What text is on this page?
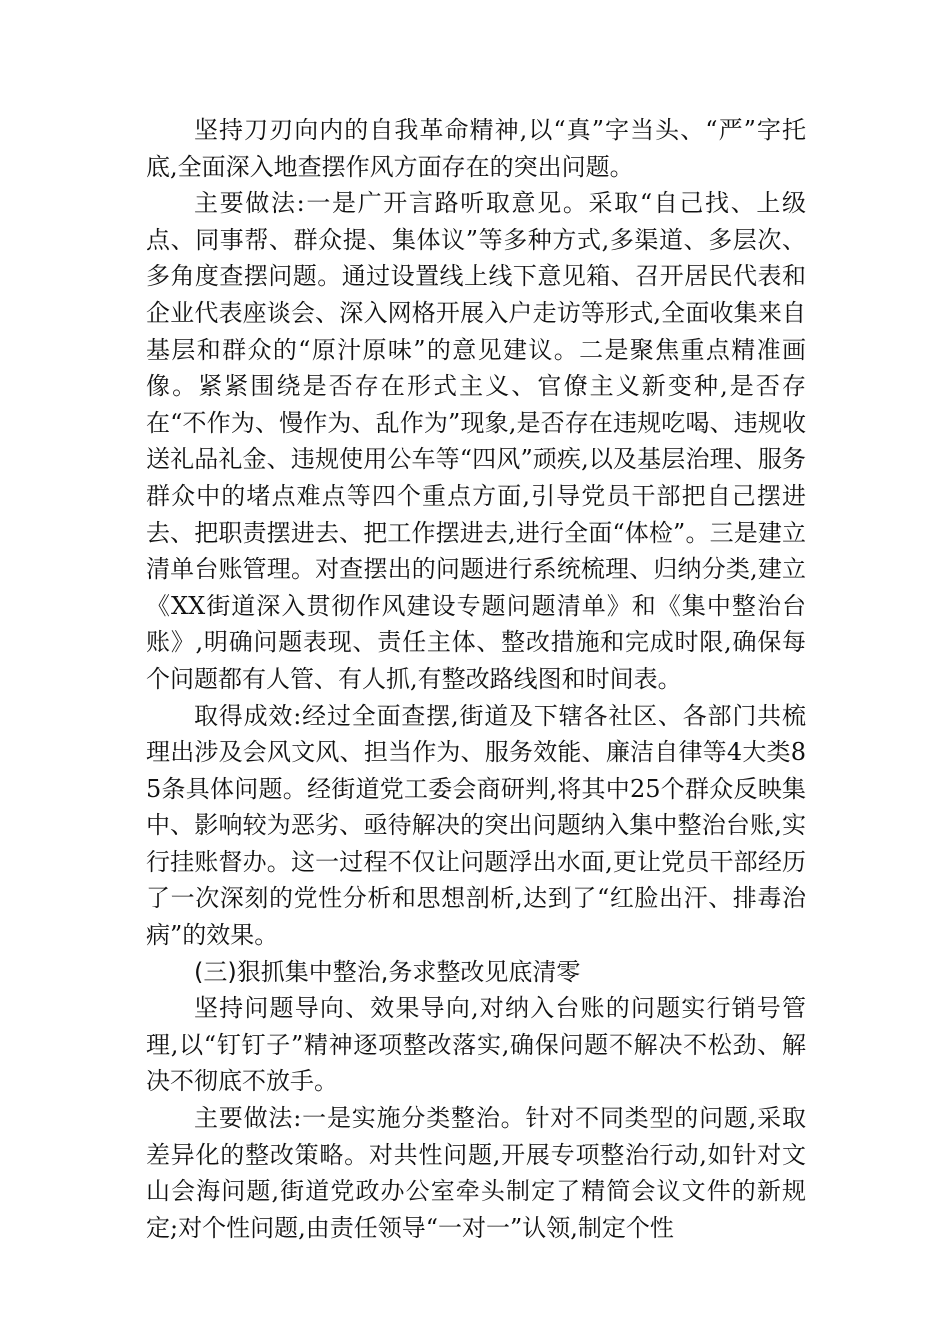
坚持刀刃向内的自我革命精神,以“真”字当头、“严”字托底,全面深入地查摆作风方面存在的突出问题。

主要做法:一是广开言路听取意见。采取“自己找、上级点、同事帮、群众提、集体议”等多种方式,多渠道、多层次、多角度查摆问题。通过设置线上线下意见箱、召开居民代表和企业代表座谈会、深入网格开展入户走访等形式,全面收集来自基层和群众的“原汁原味”的意见建议。二是聚焦重点精准画像。紧紧围绕是否存在形式主义、官僚主义新变种,是否存在“不作为、慢作为、乱作为”现象,是否存在违规吃喝、违规收送礼品礼金、违规使用公车等“四风”顽疾,以及基层治理、服务群众中的堵点难点等四个重点方面,引导党员干部把自己摆进去、把职责摆进去、把工作摆进去,进行全面“体检”。三是建立清单台账管理。对查摆出的问题进行系统梳理、归纳分类,建立《XX街道深入贯彻作风建设专题问题清单》和《集中整治台账》,明确问题表现、责任主体、整改措施和完成时限,确保每个问题都有人管、有人抓,有整改路线图和时间表。

取得成效:经过全面查摆,街道及下辖各社区、各部门共梳理出涉及会风文风、担当作为、服务效能、廉洁自律等4大类85条具体问题。经街道党工委会商研判,将其中25个群众反映集中、影响较为恶劣、亟待解决的突出问题纳入集中整治台账,实行挂账督办。这一过程不仅让问题浮出水面,更让党员干部经历了一次深刻的党性分析和思想剖析,达到了“红脸出汗、排毒治病”的效果。

(三)狠抓集中整治,务求整改见底清零

坚持问题导向、效果导向,对纳入台账的问题实行销号管理,以“钉钉子”精神逐项整改落实,确保问题不解决不松劲、解决不彻底不放手。

主要做法:一是实施分类整治。针对不同类型的问题,采取差异化的整改策略。对共性问题,开展专项整治行动,如针对文山会海问题,街道党政办公室牵头制定了精简会议文件的新规定;对个性问题,由责任领导“一对一”认领,制定个性
